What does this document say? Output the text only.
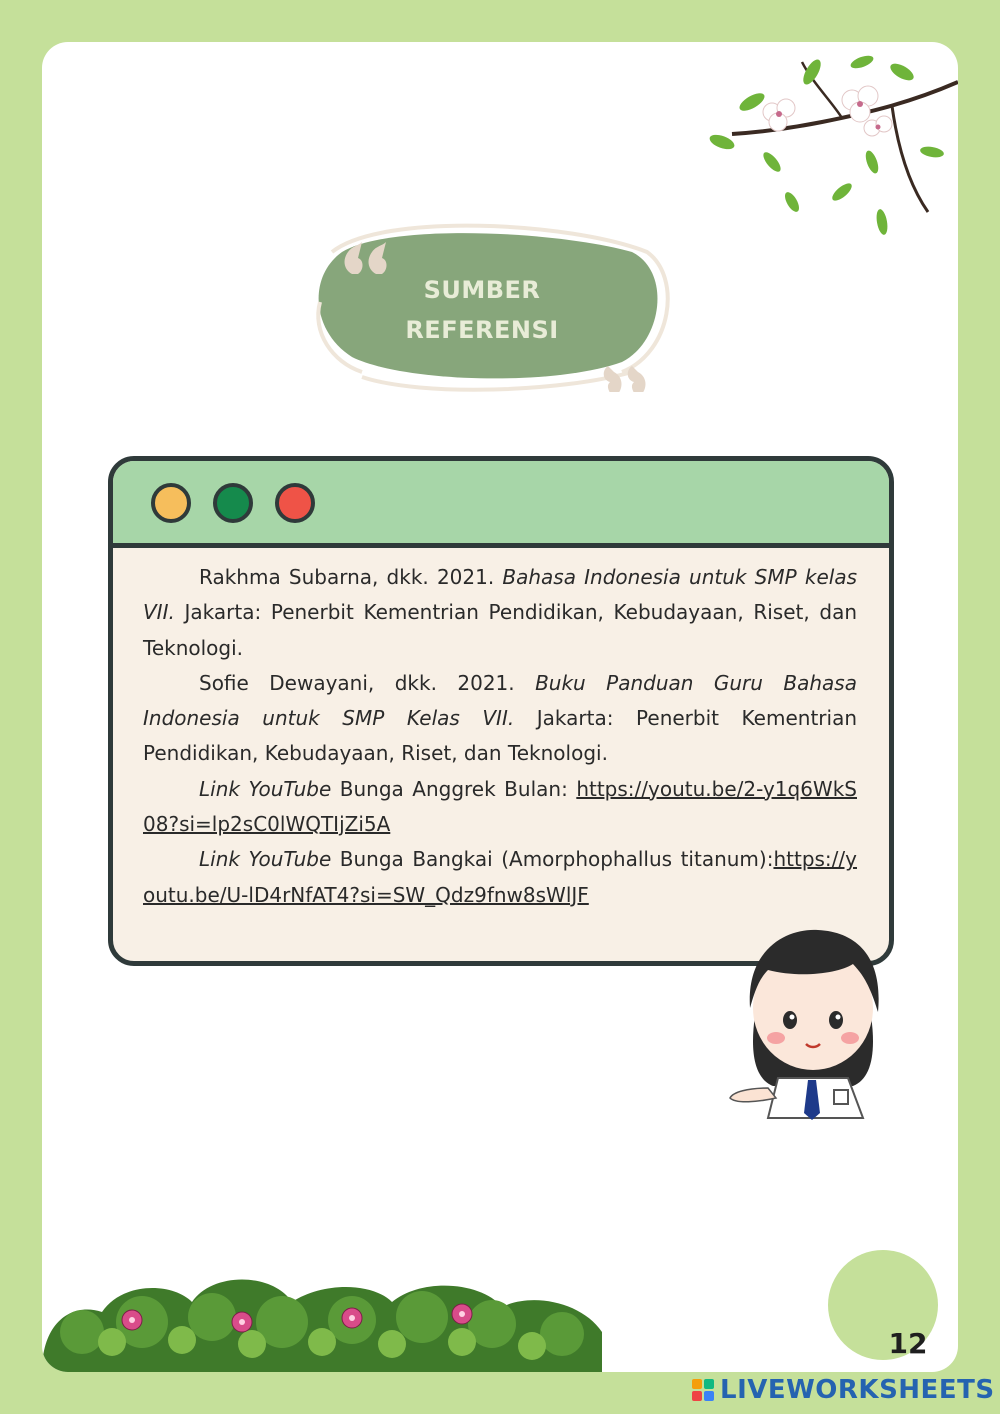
SUMBER
REFERENSI

Rakhma Subarna, dkk. 2021. Bahasa Indonesia untuk SMP kelas VII. Jakarta: Penerbit Kementrian Pendidikan, Kebudayaan, Riset, dan Teknologi.

Sofie Dewayani, dkk. 2021. Buku Panduan Guru Bahasa Indonesia untuk SMP Kelas VII. Jakarta: Penerbit Kementrian Pendidikan, Kebudayaan, Riset, dan Teknologi.

Link YouTube Bunga Anggrek Bulan: https://youtu.be/2-y1q6WkS08?si=lp2sC0lWQTIjZi5A

Link YouTube Bunga Bangkai (Amorphophallus titanum):https://youtu.be/U-lD4rNfAT4?si=SW_Qdz9fnw8sWlJF

12
LIVEWORKSHEETS
